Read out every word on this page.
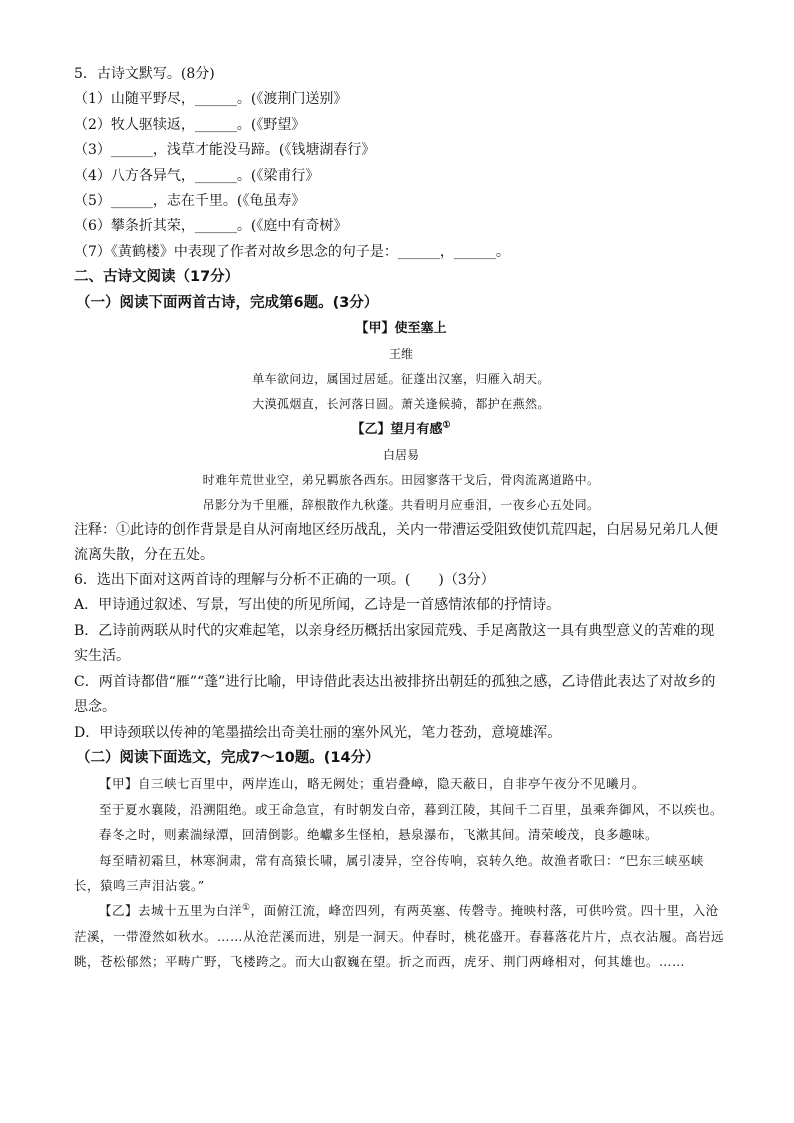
5．古诗文默写。(8分)
（1）山随平野尽，______。(《渡荆门送别》
（2）牧人驱犊返，______。(《野望》
（3）______，浅草才能没马蹄。(《钱塘湖春行》
（4）八方各异气，______。(《梁甫行》
（5）______，志在千里。(《龟虽寿》
（6）攀条折其荣，______。(《庭中有奇树》
（7）《黄鹤楼》中表现了作者对故乡思念的句子是：______，______。
二、古诗文阅读（17分）
（一）阅读下面两首古诗，完成第6题。(3分）
【甲】使至塞上
王维
单车欲问边，属国过居延。征蓬出汉塞，归雁入胡天。
大漠孤烟直，长河落日圆。萧关逢候骑，都护在燕然。
【乙】望月有感①
白居易
时难年荒世业空，弟兄羁旅各西东。田园寥落干戈后，骨肉流离道路中。
吊影分为千里雁，辞根散作九秋蓬。共看明月应垂泪，一夜乡心五处同。
注释：①此诗的创作背景是自从河南地区经历战乱，关内一带漕运受阻致使饥荒四起，白居易兄弟几人便流离失散，分在五处。
6．选出下面对这两首诗的理解与分析不正确的一项。(　　)（3分）
A．甲诗通过叙述、写景，写出使的所见所闻，乙诗是一首感情浓郁的抒情诗。
B．乙诗前两联从时代的灾难起笔，以亲身经历概括出家园荒残、手足离散这一具有典型意义的苦难的现实生活。
C．两首诗都借“雁”“蓬”进行比喻，甲诗借此表达出被排挤出朝廷的孤独之感，乙诗借此表达了对故乡的思念。
D．甲诗颈联以传神的笔墨描绘出奇美壮丽的塞外风光，笔力苍劲，意境雄浑。
（二）阅读下面选文，完成7～10题。(14分）
【甲】自三峡七百里中，两岸连山，略无阙处；重岩叠嶂，隐天蔽日，自非亭午夜分不见曦月。
至于夏水襄陵，沿溯阻绝。或王命急宣，有时朝发白帝，暮到江陵，其间千二百里，虽乘奔御风，不以疾也。
春冬之时，则素湍绿潭，回清倒影。绝巘多生怪柏，悬泉瀑布，飞漱其间。清荣峻茂，良多趣味。
每至晴初霜旦，林寒涧肃，常有高猿长啸，属引凄异，空谷传响，哀转久绝。故渔者歌曰：“巴东三峡巫峡长，猿鸣三声泪沾裳。”
【乙】去城十五里为白洋①，面俯江流，峰峦四列，有两英塞、传磬寺。掩映村落，可供吟赏。四十里，入沧茫溪，一带澄然如秋水。……从沧茫溪而进，别是一洞天。仲春时，桃花盛开。春暮落花片片，点衣沾履。高岩远眺，苍松郁然；平畴广野，飞楼跨之。而大山叡巍在望。折之而西，虎牙、荆门两峰相对，何其雄也。……
